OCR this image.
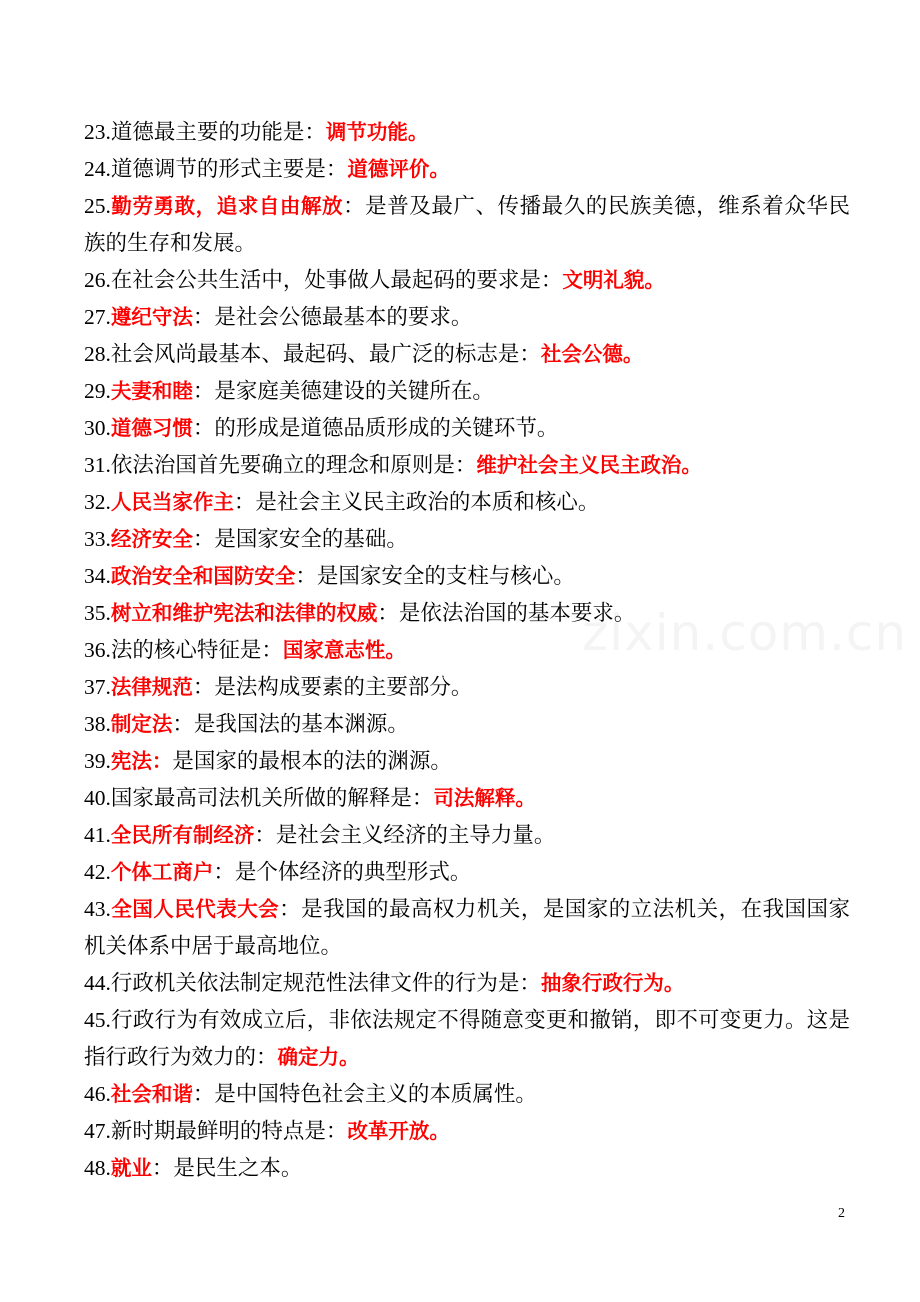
23.道德最主要的功能是：调节功能。

24.道德调节的形式主要是：道德评价。

25.勤劳勇敢，追求自由解放：是普及最广、传播最久的民族美德，维系着众华民族的生存和发展。

26.在社会公共生活中，处事做人最起码的要求是：文明礼貌。

27.遵纪守法：是社会公德最基本的要求。

28.社会风尚最基本、最起码、最广泛的标志是：社会公德。

29.夫妻和睦：是家庭美德建设的关键所在。

30.道德习惯：的形成是道德品质形成的关键环节。

31.依法治国首先要确立的理念和原则是：维护社会主义民主政治。

32.人民当家作主：是社会主义民主政治的本质和核心。

33.经济安全：是国家安全的基础。

34.政治安全和国防安全：是国家安全的支柱与核心。

35.树立和维护宪法和法律的权威：是依法治国的基本要求。

36.法的核心特征是：国家意志性。

37.法律规范：是法构成要素的主要部分。

38.制定法：是我国法的基本渊源。

39.宪法：是国家的最根本的法的渊源。

40.国家最高司法机关所做的解释是：司法解释。

41.全民所有制经济：是社会主义经济的主导力量。

42.个体工商户：是个体经济的典型形式。

43.全国人民代表大会：是我国的最高权力机关，是国家的立法机关，在我国国家机关体系中居于最高地位。

44.行政机关依法制定规范性法律文件的行为是：抽象行政行为。

45.行政行为有效成立后，非依法规定不得随意变更和撤销，即不可变更力。这是指行政行为效力的：确定力。

46.社会和谐：是中国特色社会主义的本质属性。

47.新时期最鲜明的特点是：改革开放。

48.就业：是民生之本。

zixin.com.cn
2
